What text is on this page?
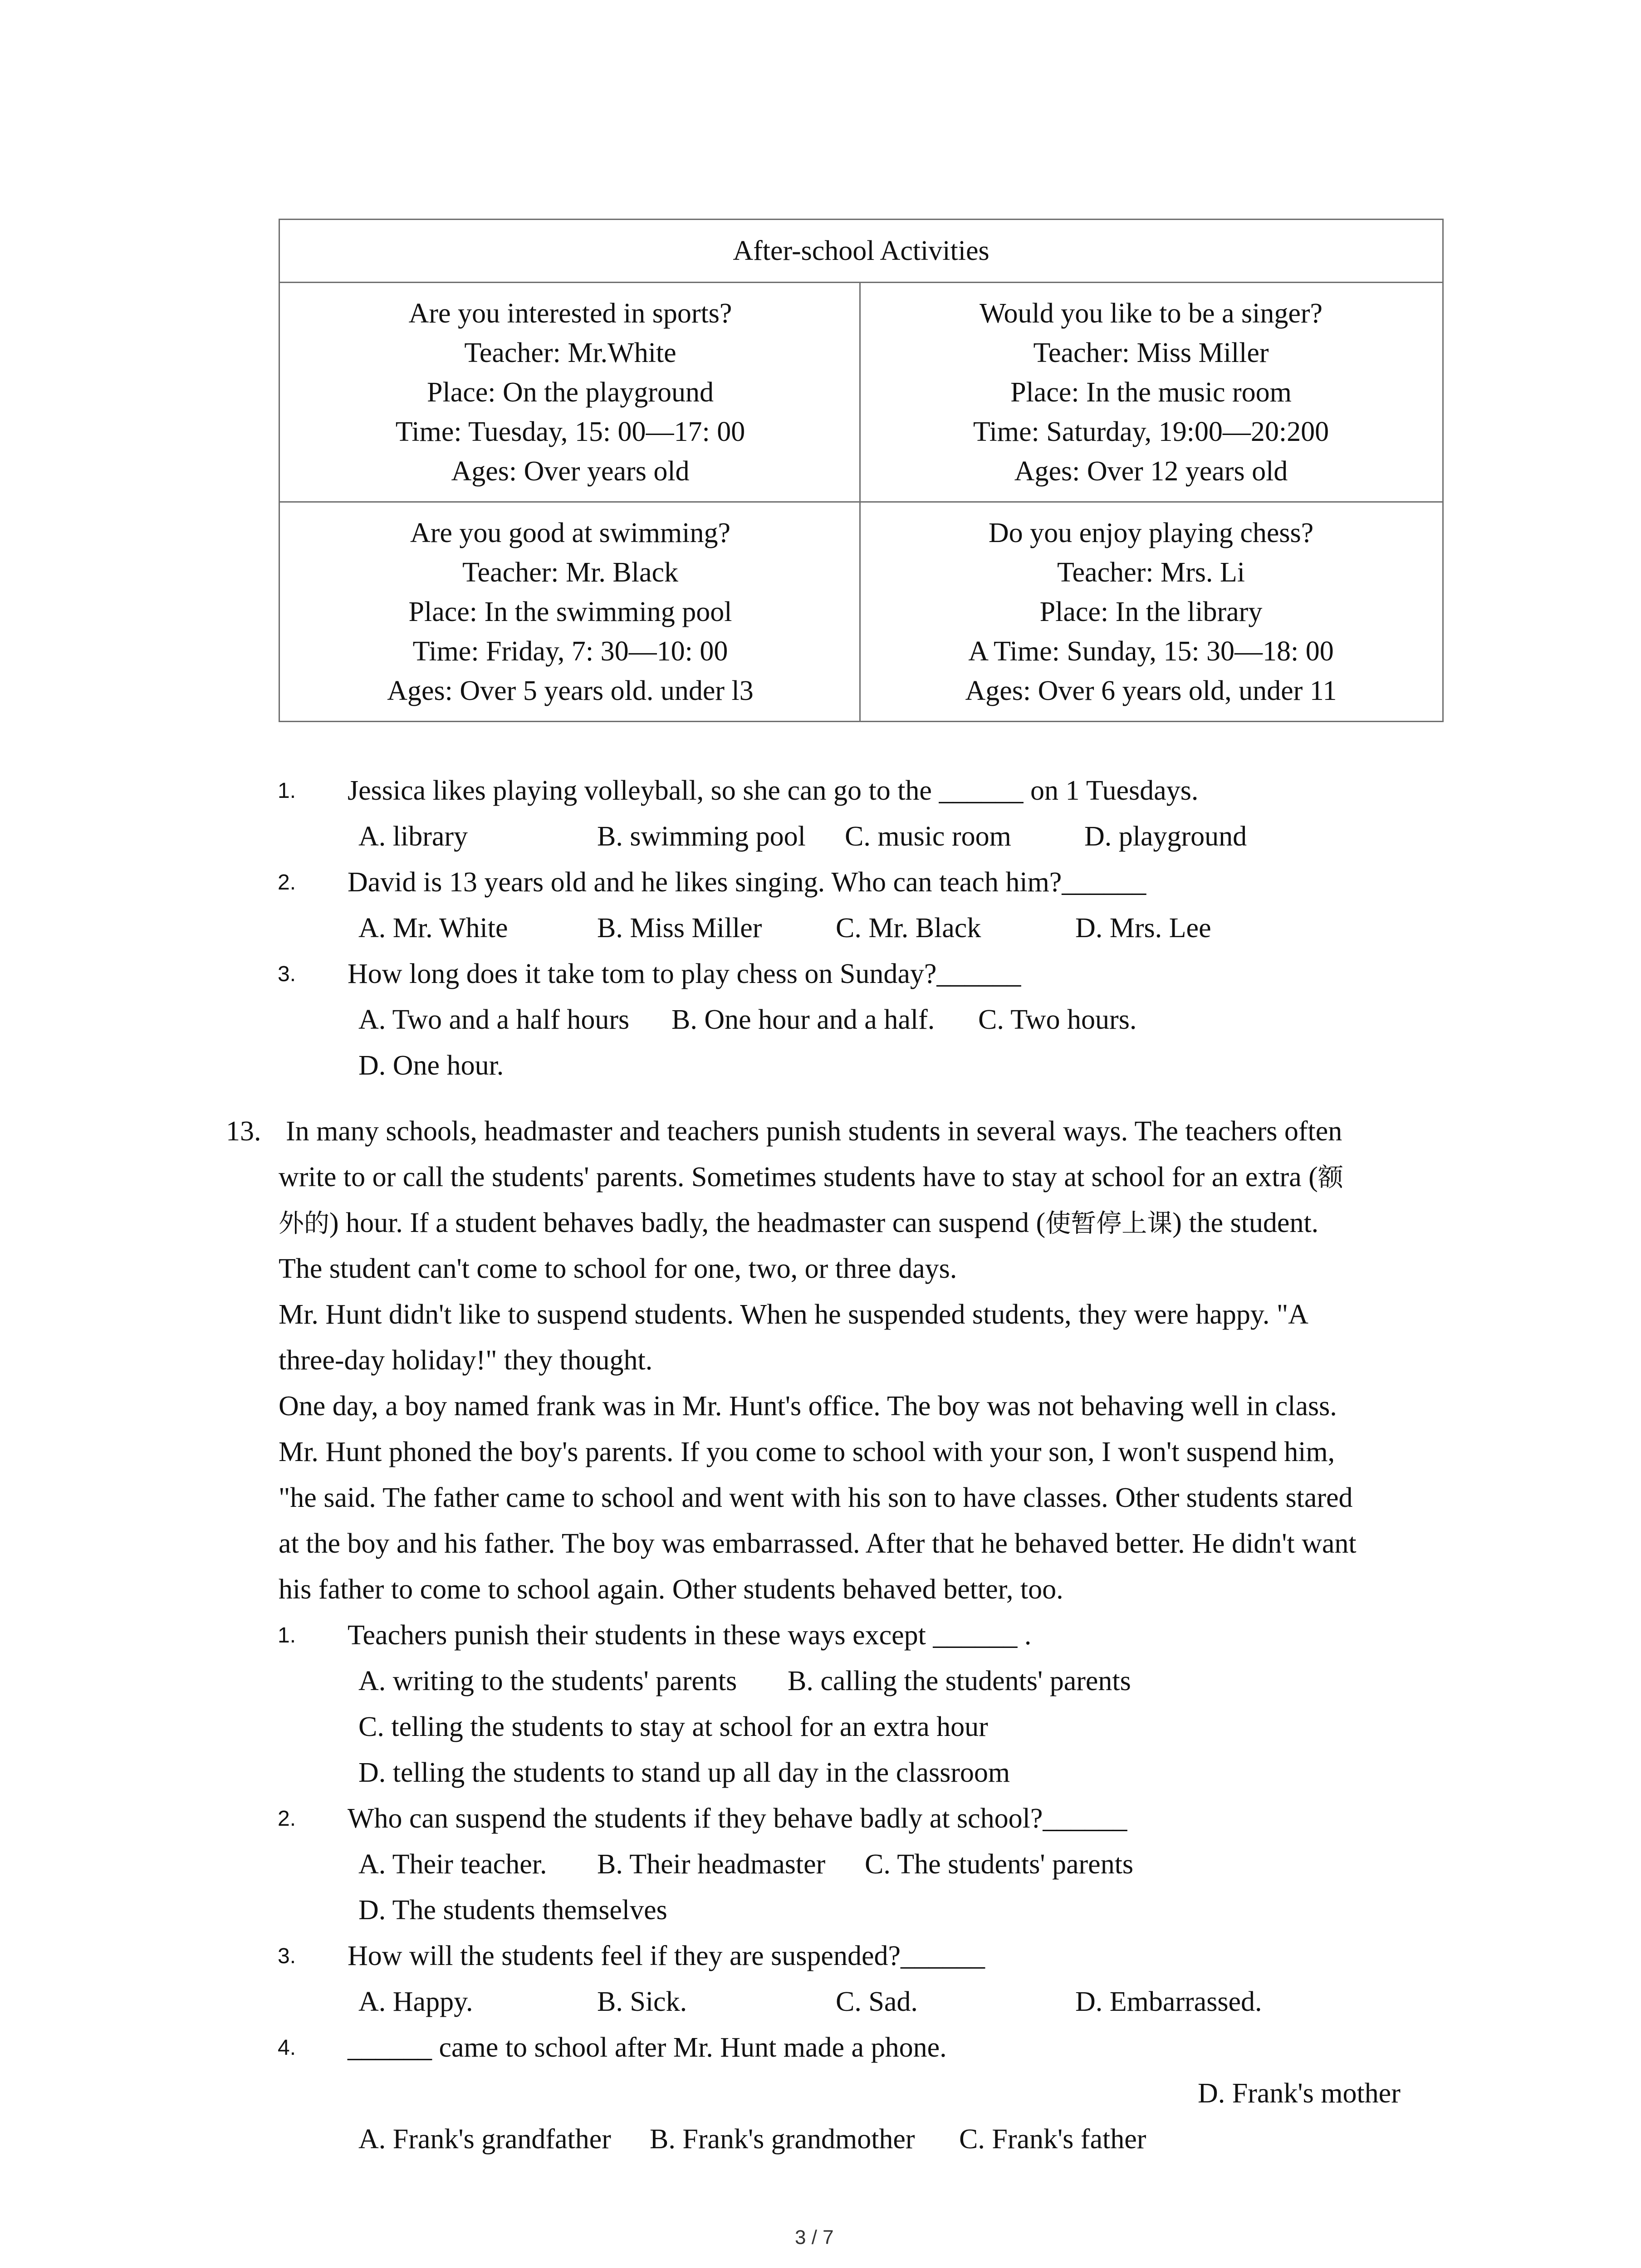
After-school Activities
Are you interested in sports?
Teacher: Mr.White
Place: On the playground
Time: Tuesday, 15: 00—17: 00
Ages: Over years old
Would you like to be a singer?
Teacher: Miss Miller
Place: In the music room
Time: Saturday, 19:00—20:200
Ages: Over 12 years old
Are you good at swimming?
Teacher: Mr. Black
Place: In the swimming pool
Time: Friday, 7: 30—10: 00
Ages: Over 5 years old. under l3
Do you enjoy playing chess?
Teacher: Mrs. Li
Place: In the library
A Time: Sunday, 15: 30—18: 00
Ages: Over 6 years old, under 11
1. Jessica likes playing volleyball, so she can go to the ______ on 1 Tuesdays.
A. library	B. swimming pool C. music room	D. playground
2. David is 13 years old and he likes singing. Who can teach him?______
A. Mr. White	B. Miss Miller	C. Mr. Black	D. Mrs. Lee
3. How long does it take tom to play chess on Sunday?______
A. Two and a half hours B. One hour and a half. C. Two hours.
D. One hour.
13. In many schools, headmaster and teachers punish students in several ways. The teachers often
write to or call the students' parents. Sometimes students have to stay at school for an extra (额
外的) hour. If a student behaves badly, the headmaster can suspend (使暂停上课) the student.
The student can't come to school for one, two, or three days.
Mr. Hunt didn't like to suspend students. When he suspended students, they were happy. "A
three-day holiday!" they thought.
One day, a boy named frank was in Mr. Hunt's office. The boy was not behaving well in class.
Mr. Hunt phoned the boy's parents. If you come to school with your son, I won't suspend him,
"he said. The father came to school and went with his son to have classes. Other students stared
at the boy and his father. The boy was embarrassed. After that he behaved better. He didn't want
his father to come to school again. Other students behaved better, too.
1. Teachers punish their students in these ways except ______ .
A. writing to the students' parents B. calling the students' parents
C. telling the students to stay at school for an extra hour
D. telling the students to stand up all day in the classroom
2. Who can suspend the students if they behave badly at school?______
A. Their teacher. B. Their headmaster C. The students' parents
D. The students themselves
3. How will the students feel if they are suspended?______
A. Happy.	B. Sick.	C. Sad.	D. Embarrassed.
4. ______ came to school after Mr. Hunt made a phone.
D. Frank's mother
A. Frank's grandfather B. Frank's grandmother C. Frank's father
3 / 7
